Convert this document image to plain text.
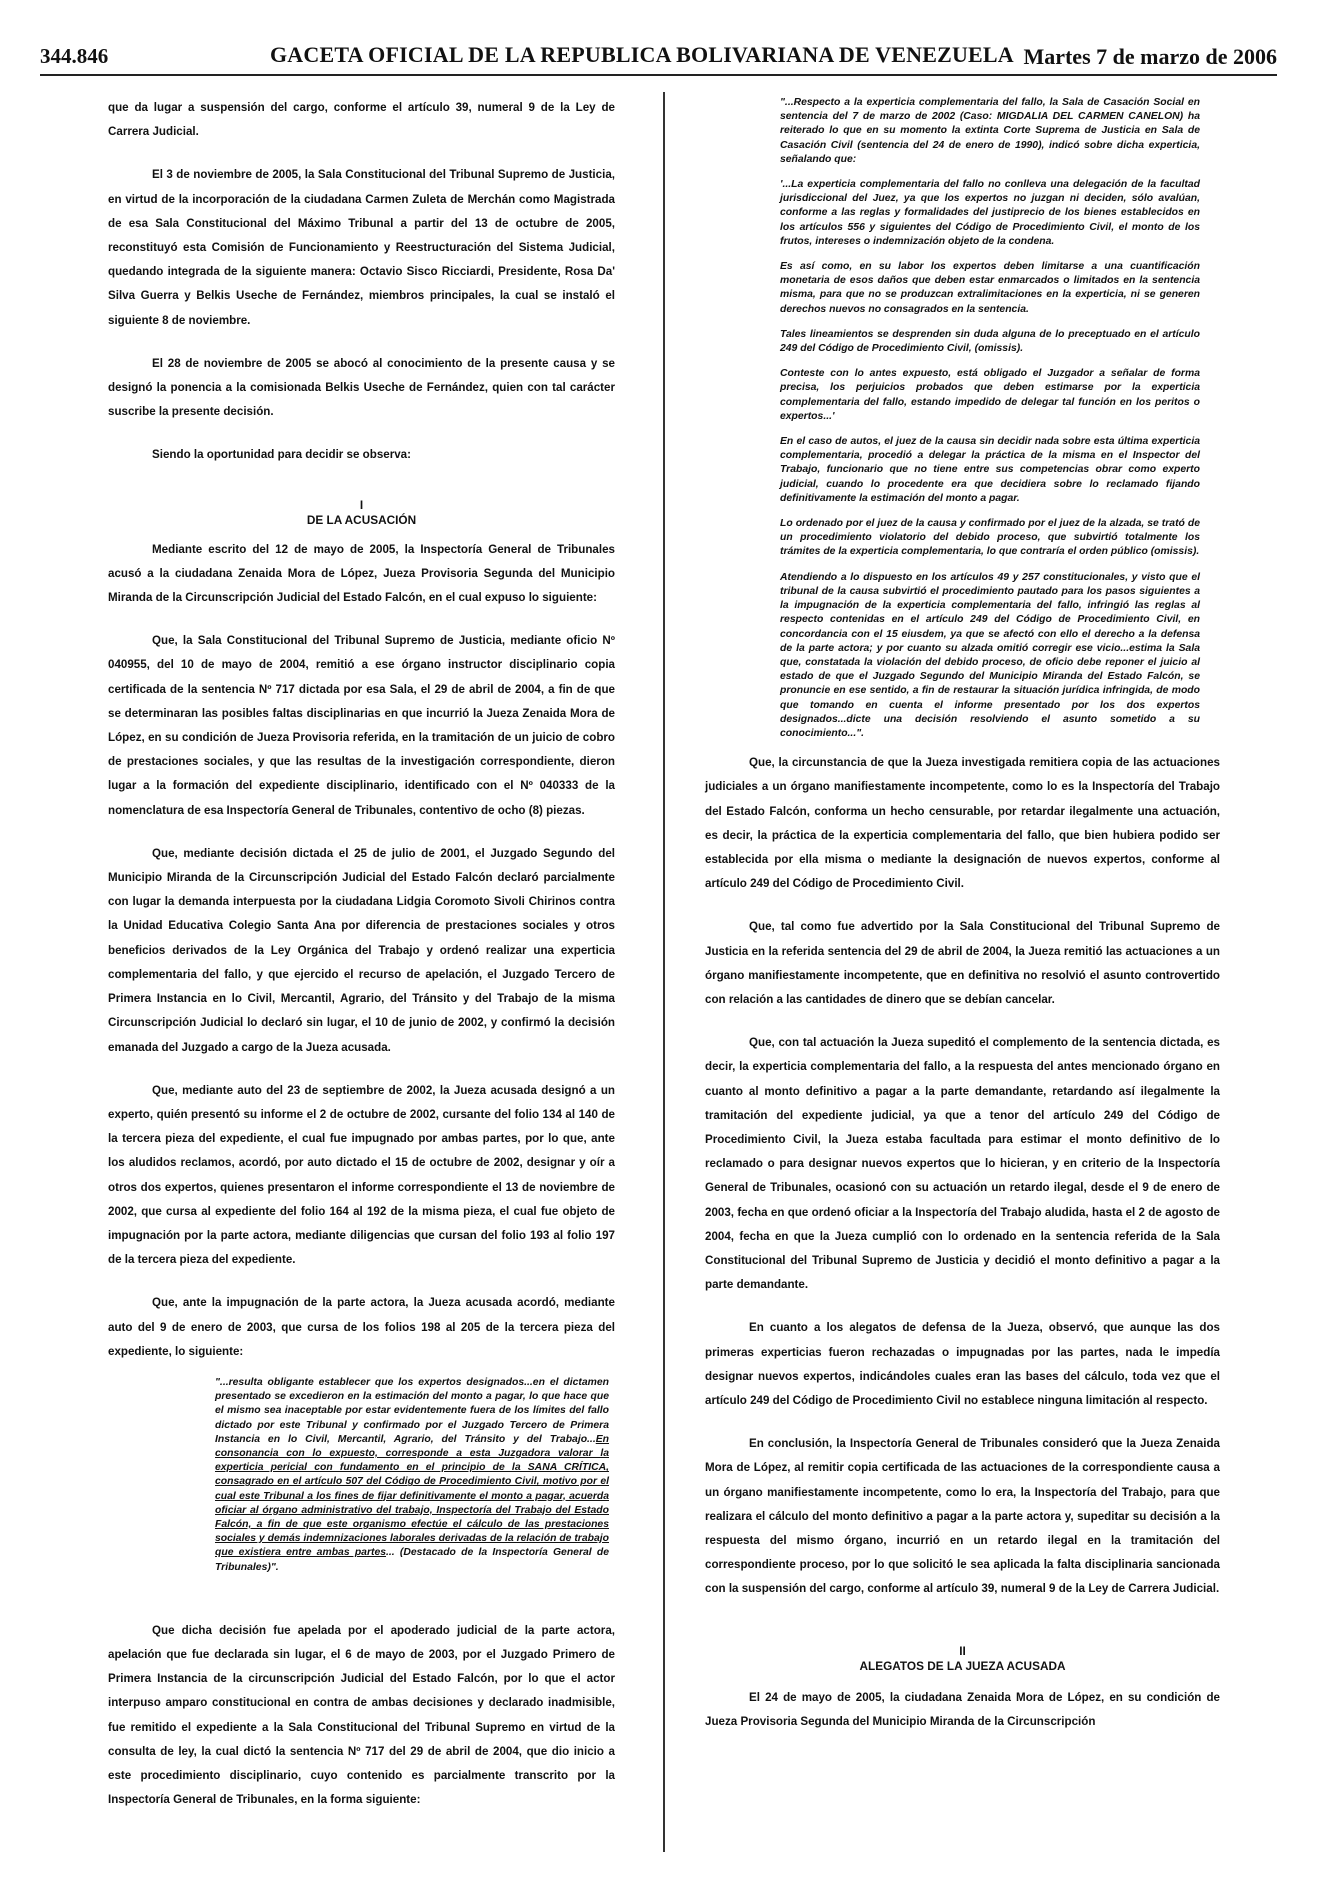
344.846	GACETA OFICIAL DE LA REPUBLICA BOLIVARIANA DE VENEZUELA Martes 7 de marzo de 2006

que da lugar a suspensión del cargo, conforme el artículo 39, numeral 9 de la Ley de Carrera Judicial.

El 3 de noviembre de 2005, la Sala Constitucional del Tribunal Supremo de Justicia, en virtud de la incorporación de la ciudadana Carmen Zuleta de Merchán como Magistrada de esa Sala Constitucional del Máximo Tribunal a partir del 13 de octubre de 2005, reconstituyó esta Comisión de Funcionamiento y Reestructuración del Sistema Judicial, quedando integrada de la siguiente manera: Octavio Sisco Ricciardi, Presidente, Rosa Da' Silva Guerra y Belkis Useche de Fernández, miembros principales, la cual se instaló el siguiente 8 de noviembre.

El 28 de noviembre de 2005 se abocó al conocimiento de la presente causa y se designó la ponencia a la comisionada Belkis Useche de Fernández, quien con tal carácter suscribe la presente decisión.

Siendo la oportunidad para decidir se observa:

I

DE LA ACUSACIÓN

Mediante escrito del 12 de mayo de 2005, la Inspectoría General de Tribunales acusó a la ciudadana Zenaida Mora de López, Jueza Provisoria Segunda del Municipio Miranda de la Circunscripción Judicial del Estado Falcón, en el cual expuso lo siguiente:

Que, la Sala Constitucional del Tribunal Supremo de Justicia, mediante oficio Nº 040955, del 10 de mayo de 2004, remitió a ese órgano instructor disciplinario copia certificada de la sentencia Nº 717 dictada por esa Sala, el 29 de abril de 2004, a fin de que se determinaran las posibles faltas disciplinarias en que incurrió la Jueza Zenaida Mora de López, en su condición de Jueza Provisoria referida, en la tramitación de un juicio de cobro de prestaciones sociales, y que las resultas de la investigación correspondiente, dieron lugar a la formación del expediente disciplinario, identificado con el Nº 040333 de la nomenclatura de esa Inspectoría General de Tribunales, contentivo de ocho (8) piezas.

Que, mediante decisión dictada el 25 de julio de 2001, el Juzgado Segundo del Municipio Miranda de la Circunscripción Judicial del Estado Falcón declaró parcialmente con lugar la demanda interpuesta por la ciudadana Lidgia Coromoto Sivoli Chirinos contra la Unidad Educativa Colegio Santa Ana por diferencia de prestaciones sociales y otros beneficios derivados de la Ley Orgánica del Trabajo y ordenó realizar una experticia complementaria del fallo, y que ejercido el recurso de apelación, el Juzgado Tercero de Primera Instancia en lo Civil, Mercantil, Agrario, del Tránsito y del Trabajo de la misma Circunscripción Judicial lo declaró sin lugar, el 10 de junio de 2002, y confirmó la decisión emanada del Juzgado a cargo de la Jueza acusada.

Que, mediante auto del 23 de septiembre de 2002, la Jueza acusada designó a un experto, quién presentó su informe el 2 de octubre de 2002, cursante del folio 134 al 140 de la tercera pieza del expediente, el cual fue impugnado por ambas partes, por lo que, ante los aludidos reclamos, acordó, por auto dictado el 15 de octubre de 2002, designar y oír a otros dos expertos, quienes presentaron el informe correspondiente el 13 de noviembre de 2002, que cursa al expediente del folio 164 al 192 de la misma pieza, el cual fue objeto de impugnación por la parte actora, mediante diligencias que cursan del folio 193 al folio 197 de la tercera pieza del expediente.

Que, ante la impugnación de la parte actora, la Jueza acusada acordó, mediante auto del 9 de enero de 2003, que cursa de los folios 198 al 205 de la tercera pieza del expediente, lo siguiente:

"...resulta obligante establecer que los expertos designados...en el dictamen presentado se excedieron en la estimación del monto a pagar, lo que hace que el mismo sea inaceptable por estar evidentemente fuera de los límites del fallo dictado por este Tribunal y confirmado por el Juzgado Tercero de Primera Instancia en lo Civil, Mercantil, Agrario, del Tránsito y del Trabajo...En consonancia con lo expuesto, corresponde a esta Juzgadora valorar la experticia pericial con fundamento en el principio de la SANA CRÍTICA, consagrado en el artículo 507 del Código de Procedimiento Civil, motivo por el cual este Tribunal a los fines de fijar definitivamente el monto a pagar, acuerda oficiar al órgano administrativo del trabajo, Inspectoría del Trabajo del Estado Falcón, a fin de que este organismo efectúe el cálculo de las prestaciones sociales y demás indemnizaciones laborales derivadas de la relación de trabajo que existiera entre ambas partes... (Destacado de la Inspectoría General de Tribunales)".

Que dicha decisión fue apelada por el apoderado judicial de la parte actora, apelación que fue declarada sin lugar, el 6 de mayo de 2003, por el Juzgado Primero de Primera Instancia de la circunscripción Judicial del Estado Falcón, por lo que el actor interpuso amparo constitucional en contra de ambas decisiones y declarado inadmisible, fue remitido el expediente a la Sala Constitucional del Tribunal Supremo en virtud de la consulta de ley, la cual dictó la sentencia Nº 717 del 29 de abril de 2004, que dio inicio a este procedimiento disciplinario, cuyo contenido es parcialmente transcrito por la Inspectoría General de Tribunales, en la forma siguiente:

"...Respecto a la experticia complementaria del fallo, la Sala de Casación Social en sentencia del 7 de marzo de 2002 (Caso: MIGDALIA DEL CARMEN CANELON) ha reiterado lo que en su momento la extinta Corte Suprema de Justicia en Sala de Casación Civil (sentencia del 24 de enero de 1990), indicó sobre dicha experticia, señalando que:

'...La experticia complementaria del fallo no conlleva una delegación de la facultad jurisdiccional del Juez, ya que los expertos no juzgan ni deciden, sólo avalúan, conforme a las reglas y formalidades del justiprecio de los bienes establecidos en los artículos 556 y siguientes del Código de Procedimiento Civil, el monto de los frutos, intereses o indemnización objeto de la condena.

Es así como, en su labor los expertos deben limitarse a una cuantificación monetaria de esos daños que deben estar enmarcados o limitados en la sentencia misma, para que no se produzcan extralimitaciones en la experticia, ni se generen derechos nuevos no consagrados en la sentencia.

Tales lineamientos se desprenden sin duda alguna de lo preceptuado en el artículo 249 del Código de Procedimiento Civil, (omissis).

Conteste con lo antes expuesto, está obligado el Juzgador a señalar de forma precisa, los perjuicios probados que deben estimarse por la experticia complementaria del fallo, estando impedido de delegar tal función en los peritos o expertos...'

En el caso de autos, el juez de la causa sin decidir nada sobre esta última experticia complementaria, procedió a delegar la práctica de la misma en el Inspector del Trabajo, funcionario que no tiene entre sus competencias obrar como experto judicial, cuando lo procedente era que decidiera sobre lo reclamado fijando definitivamente la estimación del monto a pagar.

Lo ordenado por el juez de la causa y confirmado por el juez de la alzada, se trató de un procedimiento violatorio del debido proceso, que subvirtió totalmente los trámites de la experticia complementaria, lo que contraría el orden público (omissis).

Atendiendo a lo dispuesto en los artículos 49 y 257 constitucionales, y visto que el tribunal de la causa subvirtió el procedimiento pautado para los pasos siguientes a la impugnación de la experticia complementaria del fallo, infringió las reglas al respecto contenidas en el artículo 249 del Código de Procedimiento Civil, en concordancia con el 15 eiusdem, ya que se afectó con ello el derecho a la defensa de la parte actora; y por cuanto su alzada omitió corregir ese vicio...estima la Sala que, constatada la violación del debido proceso, de oficio debe reponer el juicio al estado de que el Juzgado Segundo del Municipio Miranda del Estado Falcón, se pronuncie en ese sentido, a fin de restaurar la situación jurídica infringida, de modo que tomando en cuenta el informe presentado por los dos expertos designados...dicte una decisión resolviendo el asunto sometido a su conocimiento...".

Que, la circunstancia de que la Jueza investigada remitiera copia de las actuaciones judiciales a un órgano manifiestamente incompetente, como lo es la Inspectoría del Trabajo del Estado Falcón, conforma un hecho censurable, por retardar ilegalmente una actuación, es decir, la práctica de la experticia complementaria del fallo, que bien hubiera podido ser establecida por ella misma o mediante la designación de nuevos expertos, conforme al artículo 249 del Código de Procedimiento Civil.

Que, tal como fue advertido por la Sala Constitucional del Tribunal Supremo de Justicia en la referida sentencia del 29 de abril de 2004, la Jueza remitió las actuaciones a un órgano manifiestamente incompetente, que en definitiva no resolvió el asunto controvertido con relación a las cantidades de dinero que se debían cancelar.

Que, con tal actuación la Jueza supeditó el complemento de la sentencia dictada, es decir, la experticia complementaria del fallo, a la respuesta del antes mencionado órgano en cuanto al monto definitivo a pagar a la parte demandante, retardando así ilegalmente la tramitación del expediente judicial, ya que a tenor del artículo 249 del Código de Procedimiento Civil, la Jueza estaba facultada para estimar el monto definitivo de lo reclamado o para designar nuevos expertos que lo hicieran, y en criterio de la Inspectoría General de Tribunales, ocasionó con su actuación un retardo ilegal, desde el 9 de enero de 2003, fecha en que ordenó oficiar a la Inspectoría del Trabajo aludida, hasta el 2 de agosto de 2004, fecha en que la Jueza cumplió con lo ordenado en la sentencia referida de la Sala Constitucional del Tribunal Supremo de Justicia y decidió el monto definitivo a pagar a la parte demandante.

En cuanto a los alegatos de defensa de la Jueza, observó, que aunque las dos primeras experticias fueron rechazadas o impugnadas por las partes, nada le impedía designar nuevos expertos, indicándoles cuales eran las bases del cálculo, toda vez que el artículo 249 del Código de Procedimiento Civil no establece ninguna limitación al respecto.

En conclusión, la Inspectoría General de Tribunales consideró que la Jueza Zenaida Mora de López, al remitir copia certificada de las actuaciones de la correspondiente causa a un órgano manifiestamente incompetente, como lo era, la Inspectoría del Trabajo, para que realizara el cálculo del monto definitivo a pagar a la parte actora y, supeditar su decisión a la respuesta del mismo órgano, incurrió en un retardo ilegal en la tramitación del correspondiente proceso, por lo que solicitó le sea aplicada la falta disciplinaria sancionada con la suspensión del cargo, conforme al artículo 39, numeral 9 de la Ley de Carrera Judicial.

II

ALEGATOS DE LA JUEZA ACUSADA

El 24 de mayo de 2005, la ciudadana Zenaida Mora de López, en su condición de Jueza Provisoria Segunda del Municipio Miranda de la Circunscripción
